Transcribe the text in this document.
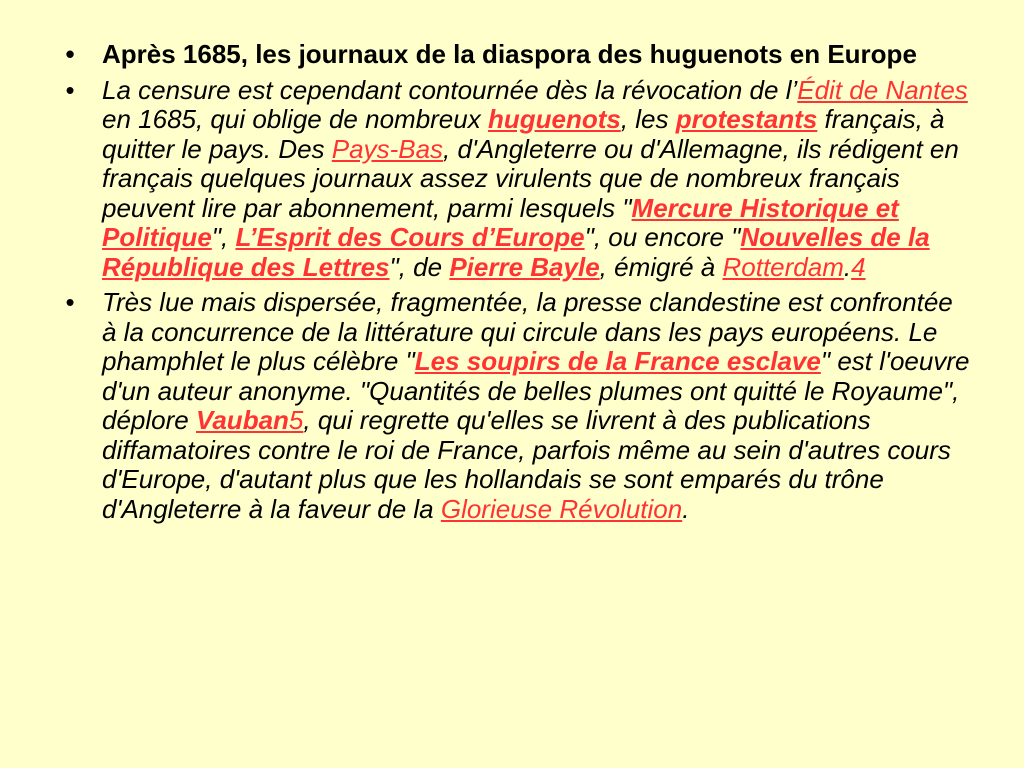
• Après 1685, les journaux de la diaspora des huguenots en Europe
• La censure est cependant contournée dès la révocation de l’Édit de Nantes en 1685, qui oblige de nombreux huguenots, les protestants français, à quitter le pays. Des Pays-Bas, d'Angleterre ou d'Allemagne, ils rédigent en français quelques journaux assez virulents que de nombreux français peuvent lire par abonnement, parmi lesquels "Mercure Historique et Politique", L’Esprit des Cours d’Europe", ou encore "Nouvelles de la République des Lettres", de Pierre Bayle, émigré à Rotterdam.4
• Très lue mais dispersée, fragmentée, la presse clandestine est confrontée à la concurrence de la littérature qui circule dans les pays européens. Le phamphlet le plus célèbre "Les soupirs de la France esclave" est l'oeuvre d'un auteur anonyme. "Quantités de belles plumes ont quitté le Royaume", déplore Vauban5, qui regrette qu'elles se livrent à des publications diffamatoires contre le roi de France, parfois même au sein d'autres cours d'Europe, d'autant plus que les hollandais se sont emparés du trône d'Angleterre à la faveur de la Glorieuse Révolution.
